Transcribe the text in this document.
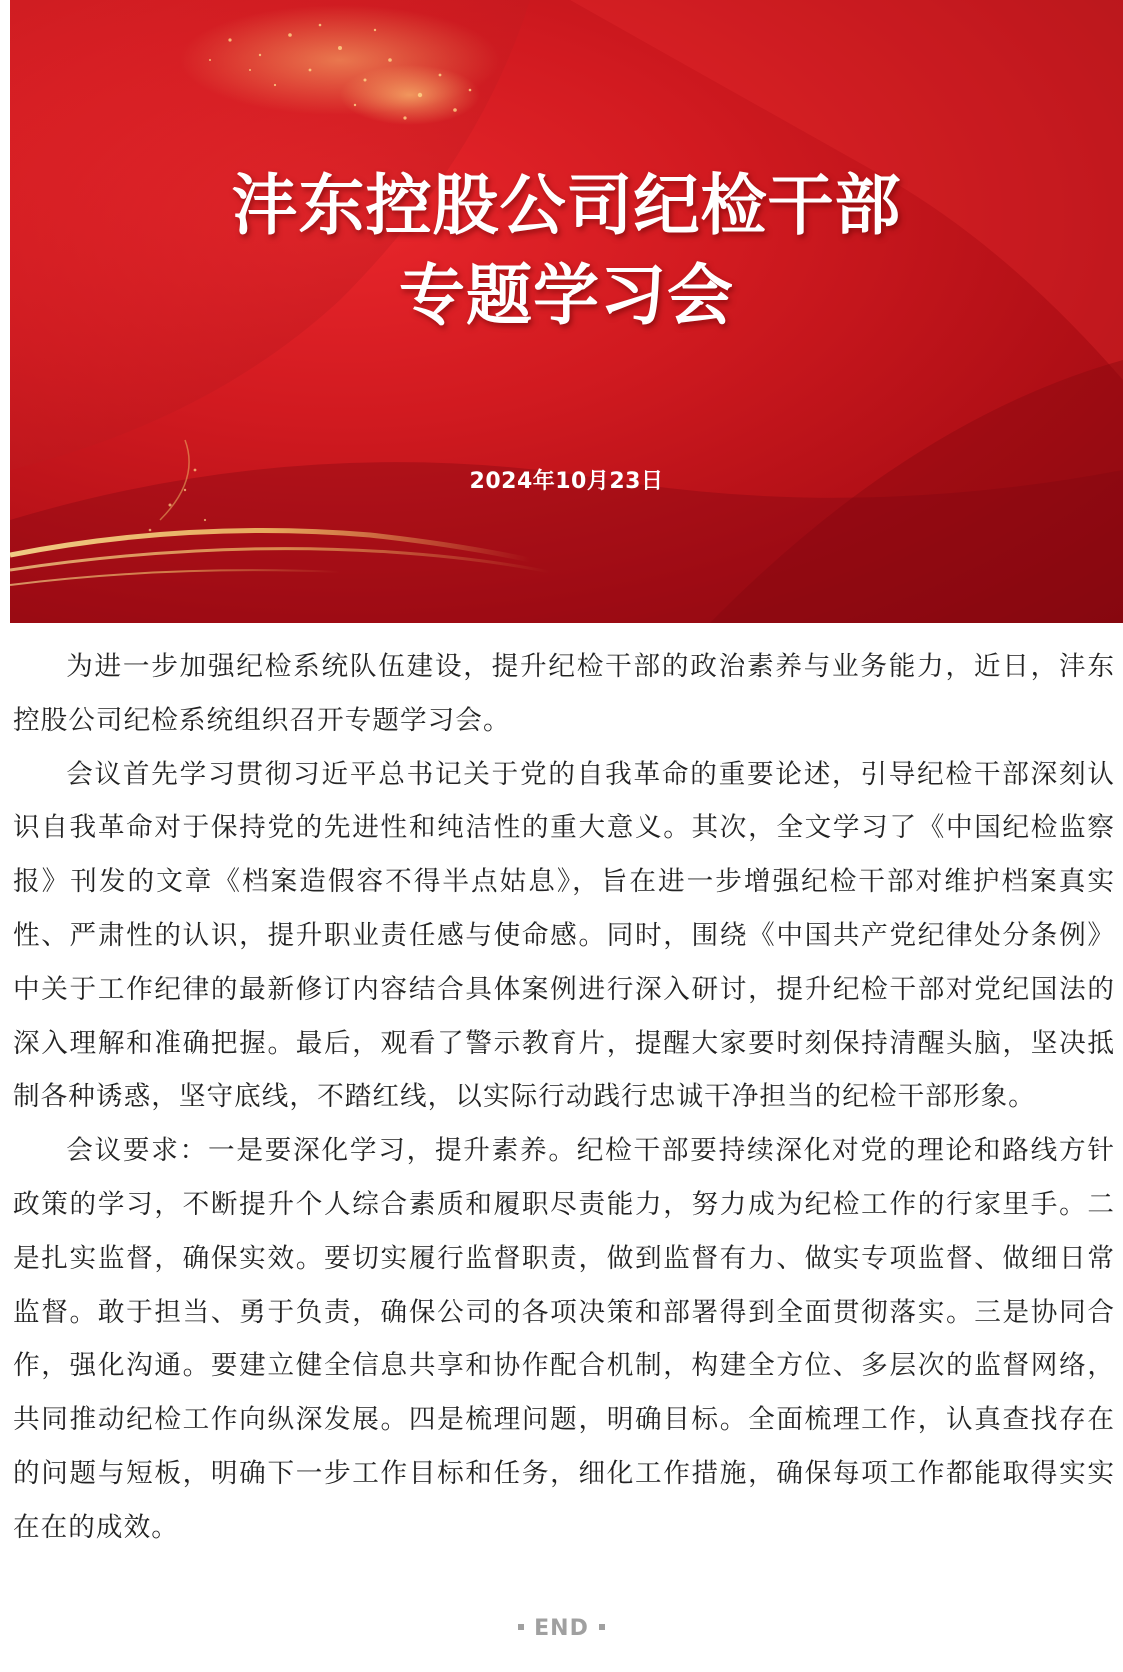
沣东控股公司纪检干部
专题学习会
2024年10月23日

为进一步加强纪检系统队伍建设，提升纪检干部的政治素养与业务能力，近日，沣东控股公司纪检系统组织召开专题学习会。

会议首先学习贯彻习近平总书记关于党的自我革命的重要论述，引导纪检干部深刻认识自我革命对于保持党的先进性和纯洁性的重大意义。其次，全文学习了《中国纪检监察报》刊发的文章《档案造假容不得半点姑息》，旨在进一步增强纪检干部对维护档案真实性、严肃性的认识，提升职业责任感与使命感。同时，围绕《中国共产党纪律处分条例》中关于工作纪律的最新修订内容结合具体案例进行深入研讨，提升纪检干部对党纪国法的深入理解和准确把握。最后，观看了警示教育片，提醒大家要时刻保持清醒头脑，坚决抵制各种诱惑，坚守底线，不踏红线，以实际行动践行忠诚干净担当的纪检干部形象。

会议要求：一是要深化学习，提升素养。纪检干部要持续深化对党的理论和路线方针政策的学习，不断提升个人综合素质和履职尽责能力，努力成为纪检工作的行家里手。二是扎实监督，确保实效。要切实履行监督职责，做到监督有力、做实专项监督、做细日常监督。敢于担当、勇于负责，确保公司的各项决策和部署得到全面贯彻落实。三是协同合作，强化沟通。要建立健全信息共享和协作配合机制，构建全方位、多层次的监督网络，共同推动纪检工作向纵深发展。四是梳理问题，明确目标。全面梳理工作，认真查找存在的问题与短板，明确下一步工作目标和任务，细化工作措施，确保每项工作都能取得实实在在的成效。

END
